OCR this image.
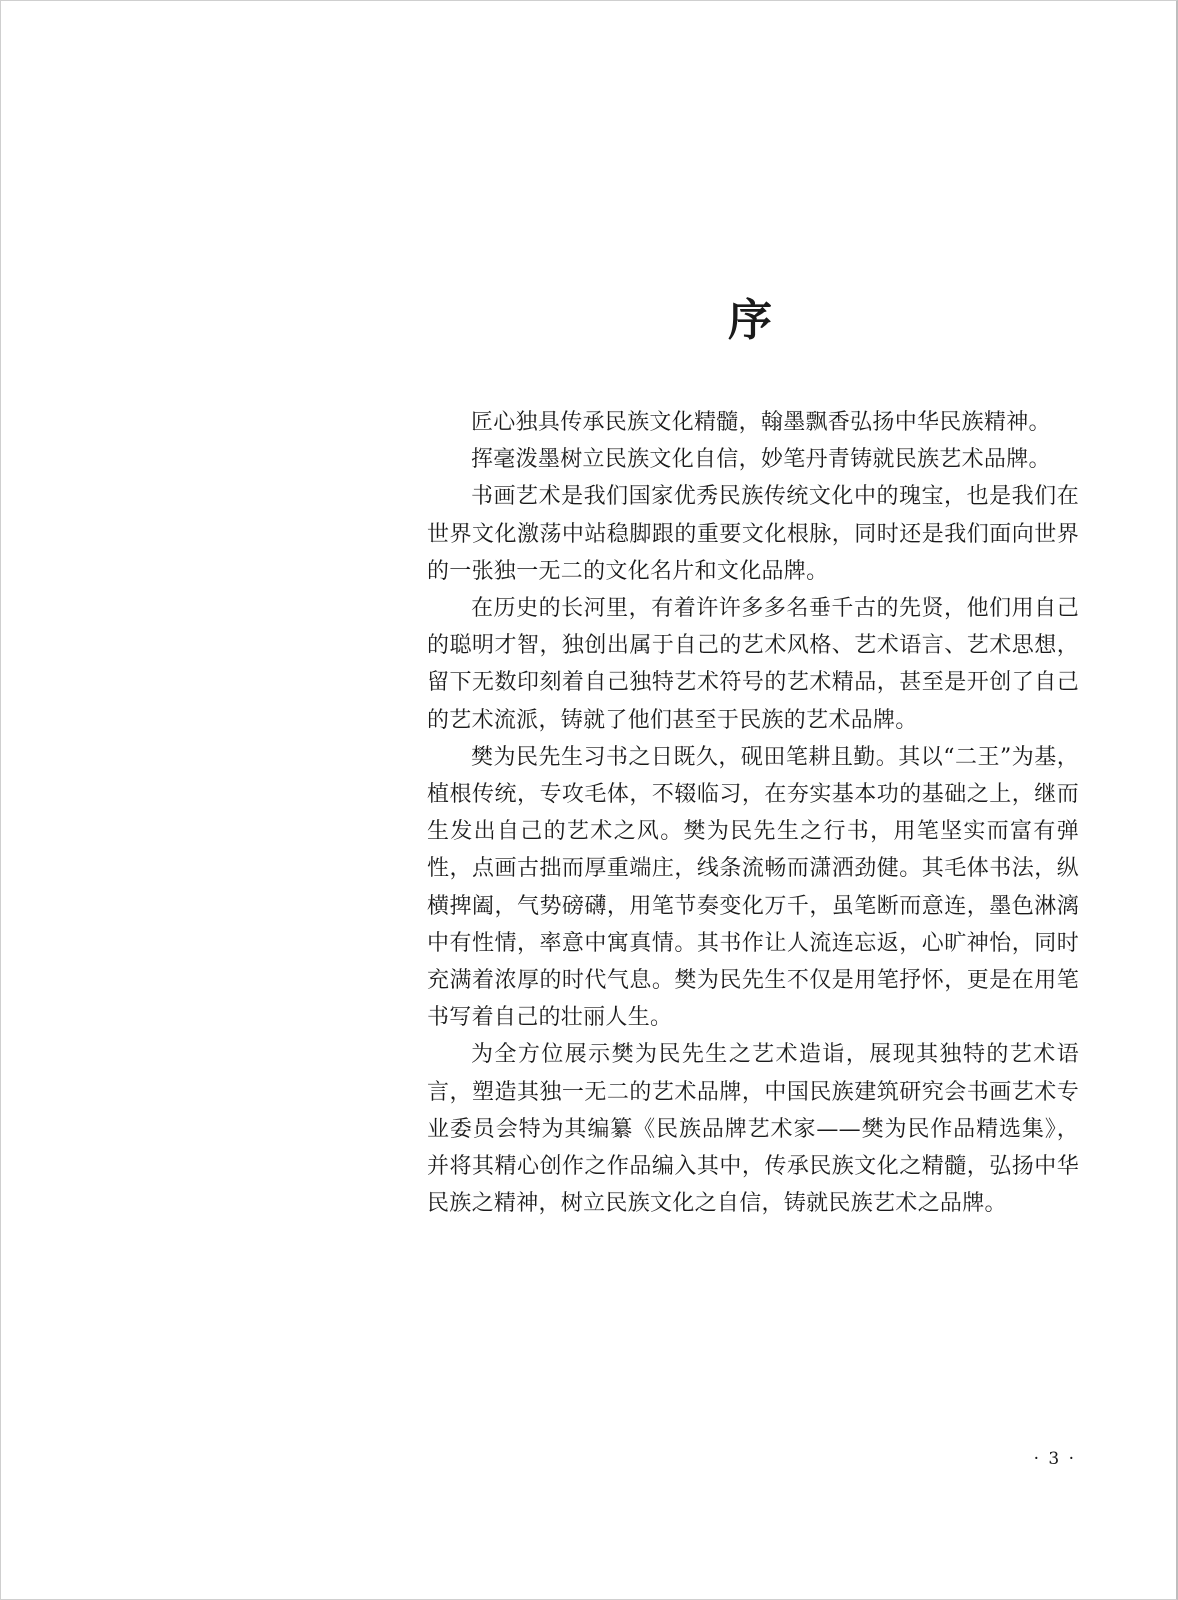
序

匠心独具传承民族文化精髓，翰墨飘香弘扬中华民族精神。

挥毫泼墨树立民族文化自信，妙笔丹青铸就民族艺术品牌。

书画艺术是我们国家优秀民族传统文化中的瑰宝，也是我们在世界文化激荡中站稳脚跟的重要文化根脉，同时还是我们面向世界的一张独一无二的文化名片和文化品牌。

在历史的长河里，有着许许多多名垂千古的先贤，他们用自己的聪明才智，独创出属于自己的艺术风格、艺术语言、艺术思想，留下无数印刻着自己独特艺术符号的艺术精品，甚至是开创了自己的艺术流派，铸就了他们甚至于民族的艺术品牌。

樊为民先生习书之日既久，砚田笔耕且勤。其以“二王”为基，植根传统，专攻毛体，不辍临习，在夯实基本功的基础之上，继而生发出自己的艺术之风。樊为民先生之行书，用笔坚实而富有弹性，点画古拙而厚重端庄，线条流畅而潇洒劲健。其毛体书法，纵横捭阖，气势磅礴，用笔节奏变化万千，虽笔断而意连，墨色淋漓中有性情，率意中寓真情。其书作让人流连忘返，心旷神怡，同时充满着浓厚的时代气息。樊为民先生不仅是用笔抒怀，更是在用笔书写着自己的壮丽人生。

为全方位展示樊为民先生之艺术造诣，展现其独特的艺术语言，塑造其独一无二的艺术品牌，中国民族建筑研究会书画艺术专业委员会特为其编纂《民族品牌艺术家——樊为民作品精选集》，并将其精心创作之作品编入其中，传承民族文化之精髓，弘扬中华民族之精神，树立民族文化之自信，铸就民族艺术之品牌。

· 3 ·
